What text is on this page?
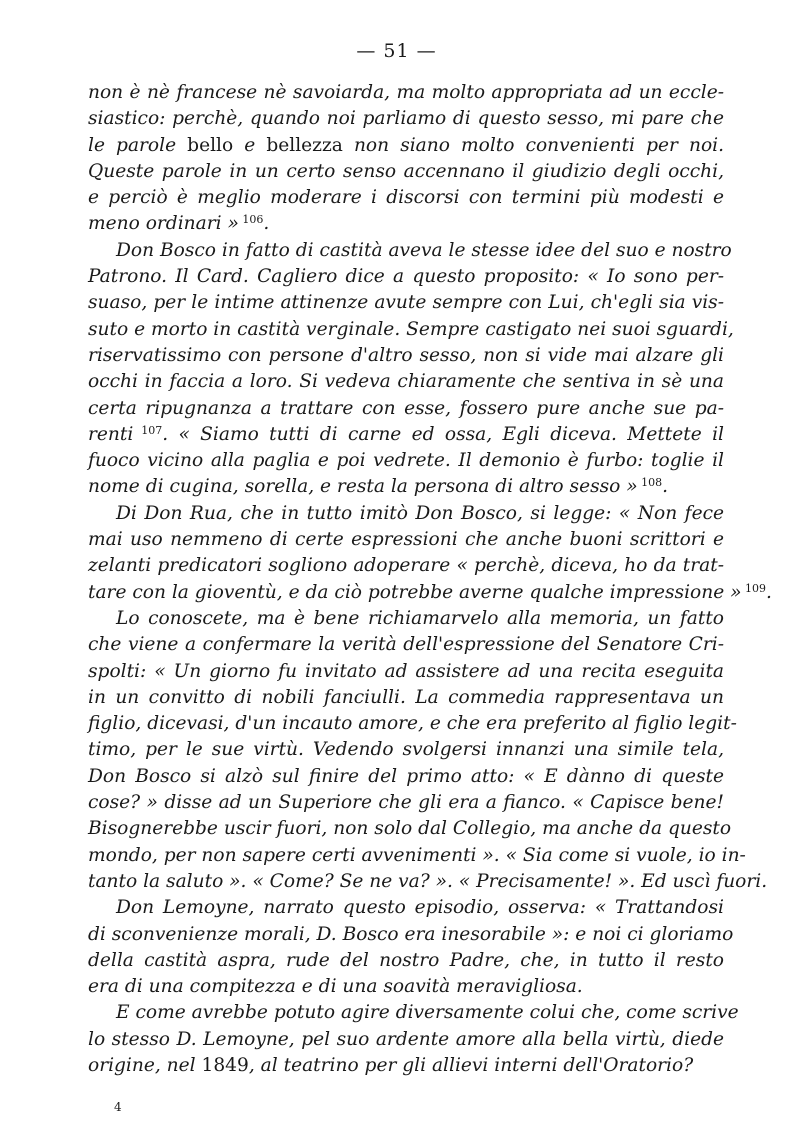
— 51 —
non è nè francese nè savoiarda, ma molto appropriata ad un eccle-
siastico: perchè, quando noi parliamo di questo sesso, mi pare che
le parole bello e bellezza non siano molto convenienti per noi.
Queste parole in un certo senso accennano il giudizio degli occhi,
e perciò è meglio moderare i discorsi con termini più modesti e
meno ordinari » $^{106}$.
Don Bosco in fatto di castità aveva le stesse idee del suo e nostro
Patrono. Il Card. Cagliero dice a questo proposito: « Io sono per-
suaso, per le intime attinenze avute sempre con Lui, ch'egli sia vis-
suto e morto in castità verginale. Sempre castigato nei suoi sguardi,
riservatissimo con persone d'altro sesso, non si vide mai alzare gli
occhi in faccia a loro. Si vedeva chiaramente che sentiva in sè una
certa ripugnanza a trattare con esse, fossero pure anche sue pa-
renti $^{107}$. « Siamo tutti di carne ed ossa, Egli diceva. Mettete il
fuoco vicino alla paglia e poi vedrete. Il demonio è furbo: toglie il
nome di cugina, sorella, e resta la persona di altro sesso » $^{108}$.
Di Don Rua, che in tutto imitò Don Bosco, si legge: « Non fece
mai uso nemmeno di certe espressioni che anche buoni scrittori e
zelanti predicatori sogliono adoperare « perchè, diceva, ho da trat-
tare con la gioventù, e da ciò potrebbe averne qualche impressione » $^{109}$.
Lo conoscete, ma è bene richiamarvelo alla memoria, un fatto
che viene a confermare la verità dell'espressione del Senatore Cri-
spolti: « Un giorno fu invitato ad assistere ad una recita eseguita
in un convitto di nobili fanciulli. La commedia rappresentava un
figlio, dicevasi, d'un incauto amore, e che era preferito al figlio legit-
timo, per le sue virtù. Vedendo svolgersi innanzi una simile tela,
Don Bosco si alzò sul finire del primo atto: « E dànno di queste
cose? » disse ad un Superiore che gli era a fianco. « Capisce bene!
Bisognerebbe uscir fuori, non solo dal Collegio, ma anche da questo
mondo, per non sapere certi avvenimenti ». « Sia come si vuole, io in-
tanto la saluto ». « Come? Se ne va? ». « Precisamente! ». Ed uscì fuori.
Don Lemoyne, narrato questo episodio, osserva: « Trattandosi
di sconvenienze morali, D. Bosco era inesorabile »: e noi ci gloriamo
della castità aspra, rude del nostro Padre, che, in tutto il resto
era di una compitezza e di una soavità meravigliosa.
E come avrebbe potuto agire diversamente colui che, come scrive
lo stesso D. Lemoyne, pel suo ardente amore alla bella virtù, diede
origine, nel 1849, al teatrino per gli allievi interni dell'Oratorio?
4
